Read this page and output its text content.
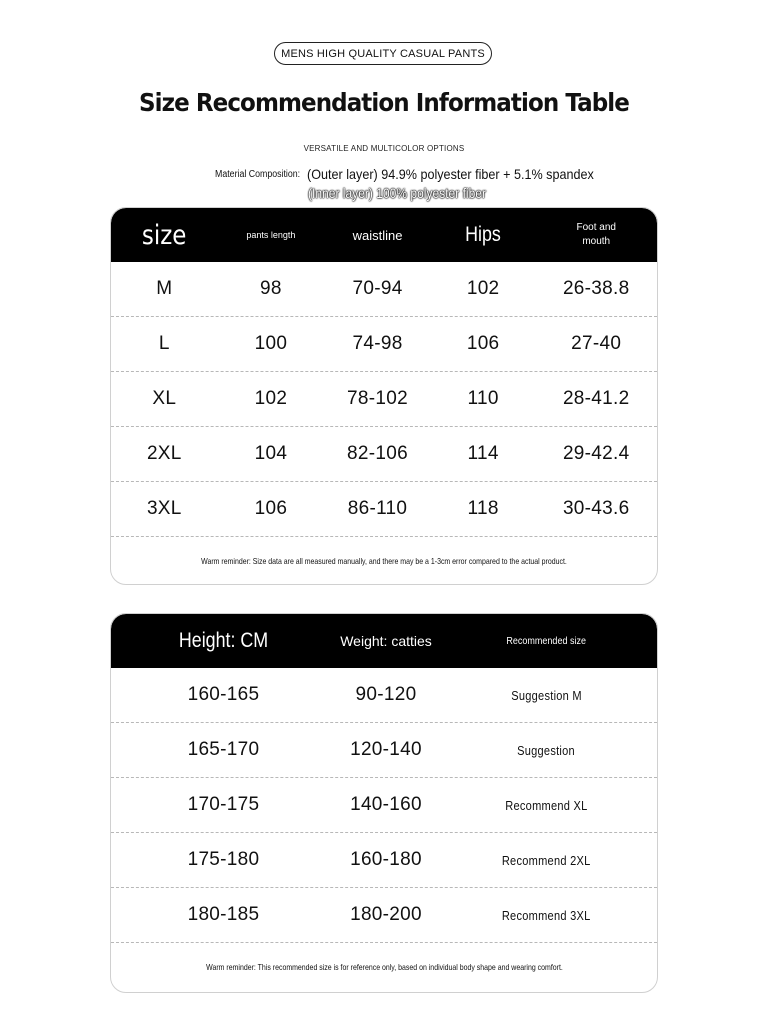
MENS HIGH QUALITY CASUAL PANTS
Size Recommendation Information Table
VERSATILE AND MULTICOLOR OPTIONS
Material Composition: (Outer layer) 94.9% polyester fiber + 5.1% spandex
size	pants length	waistline	Hips	Foot and mouth
M	98	70-94	102	26-38.8
L	100	74-98	106	27-40
XL	102	78-102	110	28-41.2
2XL	104	82-106	114	29-42.4
3XL	106	86-110	118	30-43.6
Warm reminder: Size data are all measured manually, and there may be a 1-3cm error compared to the actual product.
(Inner layer) 100% polyester fiber
Height: CM	Weight: catties	Recommended size
160-165	90-120	Suggestion M
165-170	120-140	Suggestion
170-175	140-160	Recommend XL
175-180	160-180	Recommend 2XL
180-185	180-200	Recommend 3XL
Warm reminder: This recommended size is for reference only, based on individual body shape and wearing comfort.
